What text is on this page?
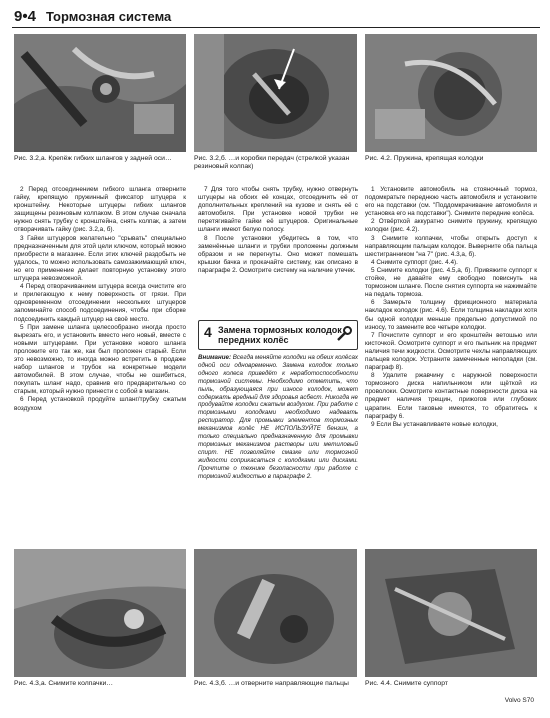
9•4 Тормозная система
Рис. 3.2,а. Крепёж гибких шлангов у задней оси…	Рис. 3.2,б. …и коробки передач (стрелкой указан резиновый колпак)
Рис. 4.2. Пружина, крепящая колодки

2 Перед отсоединением гибкого шланга отверните гайку, крепящую пружинный фиксатор штуцера к кронштейну. Некоторые штуцеры гибких шлангов защищены резиновым колпаком. В этом случае сначала нужно снять трубку с кронштейна, снять колпак, а затем отворачивать гайку (рис. 3.2,а, б).

3 Гайки штуцеров желательно "срывать" специально предназначенным для этой цели ключом, который можно приобрести в магазине. Если этих ключей раздобыть не удалось, то можно использовать самозажимающий ключ, но его применение делает повторную установку этого штуцера невозможной.

4 Перед отворачиванием штуцера всегда очистите его и прилегающую к нему поверхность от грязи. При одновременном отсоединении нескольких штуцеров запоминайте способ подсоединения, чтобы при сборке подсоединить каждый штуцер на своё место.

5 При замене шланга целесообразно иногда просто вырезать его, и установить вместо него новый, вместе с новыми штуцерами. При установке нового шланга проложите его так же, как был проложен старый. Если это невозможно, то иногда можно встретить в продаже набор шлангов и трубок на конкретные модели автомобилей. В этом случае, чтобы не ошибиться, покупать шланг надо, сравнив его предварительно со старым, который нужно принести с собой в магазин.

6 Перед установкой продуйте шланг/трубку сжатым воздухом

7 Для того чтобы снять трубку, нужно отвернуть штуцеры на обоих её концах, отсоединить её от дополнительных креплений на кузове и снять её с автомобиля. При установке новой трубки не перетягивайте гайки её штуцеров. Оригинальные шланги имеют белую полосу.

8 После установки убедитесь в том, что заменённые шланги и трубки проложены должным образом и не перегнуты. Оно может помешать крышки бачка и прокачайте систему, как описано в параграфе 2. Осмотрите систему на наличие утечек.

4 Замена тормозных колодок передних колёс
Внимание: Всегда меняйте колодки на обеих колёсах одной оси одновременно. Замена колодок только одного колеса приведёт к неработоспособности тормозной системы. Необходимо отметить, что пыль, образующаяся при износе колодок, может содержать вредный для здоровья асбест. Никогда не продувайте колодки сжатым воздухом. При работе с тормозными колодками необходимо надевать респиратор. Для промывки элементов тормозных механизмов колёс НЕ ИСПОЛЬЗУЙТЕ бензин, а только специально предназначенную для промывки тормозных механизмов растворы или метиловый спирт. НЕ позволяйте смазке или тормозной жидкости соприкасаться с колодками или дисками. Прочтите о технике безопасности при работе с тормозной жидкостью в параграфе 2.

1 Установите автомобиль на стояночный тормоз, подомкратьте переднюю часть автомобиля и установите его на подставки (см. "Поддомкрачивание автомобиля и установка его на подставки"). Снимите передние колёса.

2 Отвёрткой аккуратно снимите пружину, крепящую колодки (рис. 4.2).

3 Снимите колпачки, чтобы открыть доступ к направляющим пальцам колодок. Выверните оба пальца шестигранником "на 7" (рис. 4.3,а, б).

4 Снимите суппорт (рис. 4.4).

5 Снимите колодки (рис. 4.5,а, б). Привяжите суппорт к стойке, не давайте ему свободно повиснуть на тормозном шланге. После снятия суппорта не нажимайте на педаль тормоза.

6 Замерьте толщину фрикционного материала накладок колодок (рис. 4.6). Если толщина накладки хотя бы одной колодки меньше предельно допустимой по износу, то замените все четыре колодки.

7 Почистите суппорт и его кронштейн ветошью или кисточкой. Осмотрите суппорт и его пыльник на предмет наличия течи жидкости. Осмотрите чехлы направляющих пальцев колодок. Устраните замеченные неполадки (см. параграф 8).

8 Удалите ржавчину с наружной поверхности тормозного диска напильником или щёткой из проволоки. Осмотрите контактные поверхности диска на предмет наличия трещин, прижогов или глубоких царапин. Если таковые имеются, то обратитесь к параграфу 6.

9 Если Вы устанавливаете новые колодки,

Рис. 4.3,а. Снимите колпачки…	Рис. 4.3,б. …и отверните направляющие пальцы	Рис. 4.4. Снимите суппорт
Volvo S70
